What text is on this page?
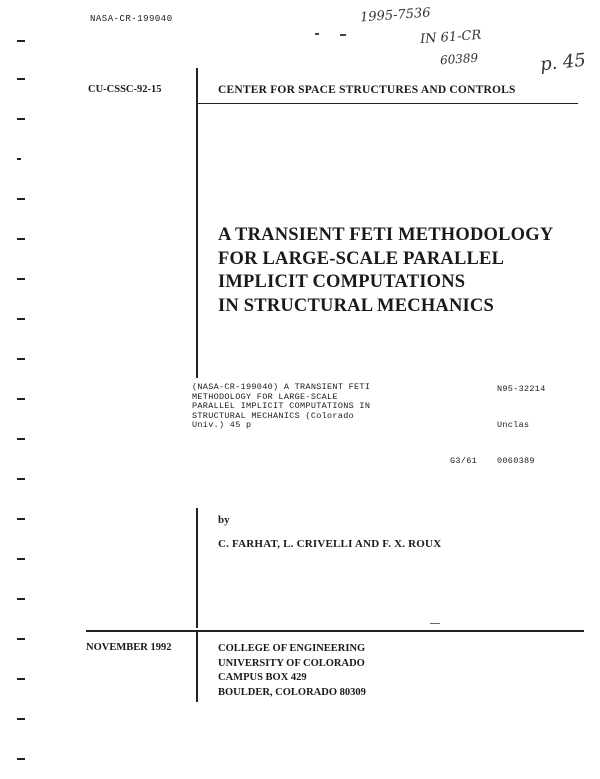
NASA-CR-199040	1995-7536
IN 61-CR
60389	p. 45
CU-CSSC-92-15	CENTER FOR SPACE STRUCTURES AND CONTROLS
A TRANSIENT FETI METHODOLOGY
FOR LARGE-SCALE PARALLEL
IMPLICIT COMPUTATIONS
IN STRUCTURAL MECHANICS
(NASA-CR-199040) A TRANSIENT FETI
METHODOLOGY FOR LARGE-SCALE
PARALLEL IMPLICIT COMPUTATIONS IN
STRUCTURAL MECHANICS (Colorado
Univ.) 45 p
N95-32214
Unclas
G3/61 0060389
by
C. FARHAT, L. CRIVELLI AND F. X. ROUX
NOVEMBER 1992	COLLEGE OF ENGINEERING
UNIVERSITY OF COLORADO
CAMPUS BOX 429
BOULDER, COLORADO 80309
